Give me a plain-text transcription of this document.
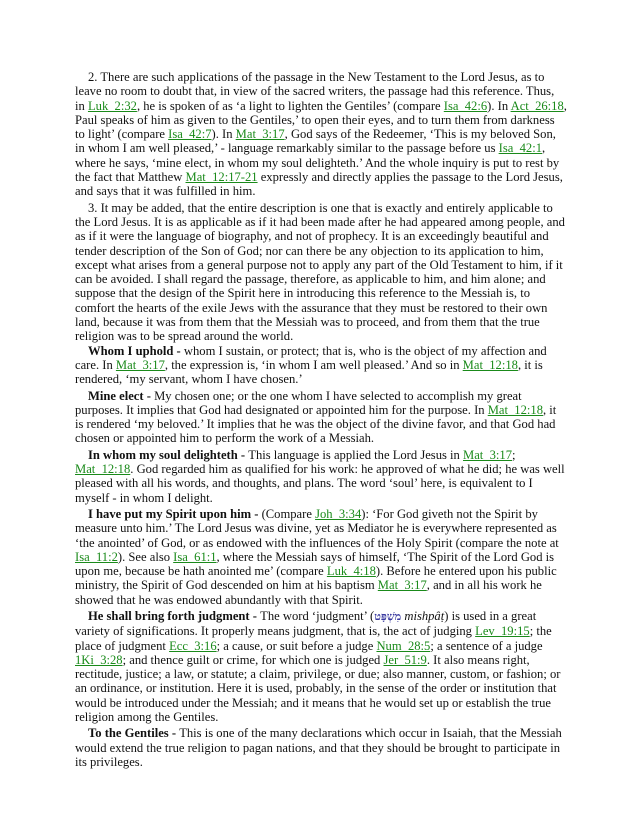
2. There are such applications of the passage in the New Testament to the Lord Jesus, as to leave no room to doubt that, in view of the sacred writers, the passage had this reference. Thus, in Luk_2:32, he is spoken of as ‘a light to lighten the Gentiles’ (compare Isa_42:6). In Act_26:18, Paul speaks of him as given to the Gentiles,’ to open their eyes, and to turn them from darkness to light’ (compare Isa_42:7). In Mat_3:17, God says of the Redeemer, ‘This is my beloved Son, in whom I am well pleased,’ - language remarkably similar to the passage before us Isa_42:1, where he says, ‘mine elect, in whom my soul delighteth.’ And the whole inquiry is put to rest by the fact that Matthew Mat_12:17-21 expressly and directly applies the passage to the Lord Jesus, and says that it was fulfilled in him.

3. It may be added, that the entire description is one that is exactly and entirely applicable to the Lord Jesus. It is as applicable as if it had been made after he had appeared among people, and as if it were the language of biography, and not of prophecy. It is an exceedingly beautiful and tender description of the Son of God; nor can there be any objection to its application to him, except what arises from a general purpose not to apply any part of the Old Testament to him, if it can be avoided. I shall regard the passage, therefore, as applicable to him, and him alone; and suppose that the design of the Spirit here in introducing this reference to the Messiah is, to comfort the hearts of the exile Jews with the assurance that they must be restored to their own land, because it was from them that the Messiah was to proceed, and from them that the true religion was to be spread around the world.

Whom I uphold - whom I sustain, or protect; that is, who is the object of my affection and care. In Mat_3:17, the expression is, ‘in whom I am well pleased.’ And so in Mat_12:18, it is rendered, ‘my servant, whom I have chosen.’

Mine elect - My chosen one; or the one whom I have selected to accomplish my great purposes. It implies that God had designated or appointed him for the purpose. In Mat_12:18, it is rendered ‘my beloved.’ It implies that he was the object of the divine favor, and that God had chosen or appointed him to perform the work of a Messiah.

In whom my soul delighteth - This language is applied the Lord Jesus in Mat_3:17; Mat_12:18. God regarded him as qualified for his work: he approved of what he did; he was well pleased with all his words, and thoughts, and plans. The word ‘soul’ here, is equivalent to I myself - in whom I delight.

I have put my Spirit upon him - (Compare Joh_3:34): ‘For God giveth not the Spirit by measure unto him.’ The Lord Jesus was divine, yet as Mediator he is everywhere represented as ‘the anointed’ of God, or as endowed with the influences of the Holy Spirit (compare the note at Isa_11:2). See also Isa_61:1, where the Messiah says of himself, ‘The Spirit of the Lord God is upon me, because be hath anointed me’ (compare Luk_4:18). Before he entered upon his public ministry, the Spirit of God descended on him at his baptism Mat_3:17, and in all his work he showed that he was endowed abundantly with that Spirit.

He shall bring forth judgment - The word ‘judgment’ (מִשְׁפָּט mishpâṭ) is used in a great variety of significations. It properly means judgment, that is, the act of judging Lev_19:15; the place of judgment Ecc_3:16; a cause, or suit before a judge Num_28:5; a sentence of a judge 1Ki_3:28; and thence guilt or crime, for which one is judged Jer_51:9. It also means right, rectitude, justice; a law, or statute; a claim, privilege, or due; also manner, custom, or fashion; or an ordinance, or institution. Here it is used, probably, in the sense of the order or institution that would be introduced under the Messiah; and it means that he would set up or establish the true religion among the Gentiles.

To the Gentiles - This is one of the many declarations which occur in Isaiah, that the Messiah would extend the true religion to pagan nations, and that they should be brought to participate in its privileges.
